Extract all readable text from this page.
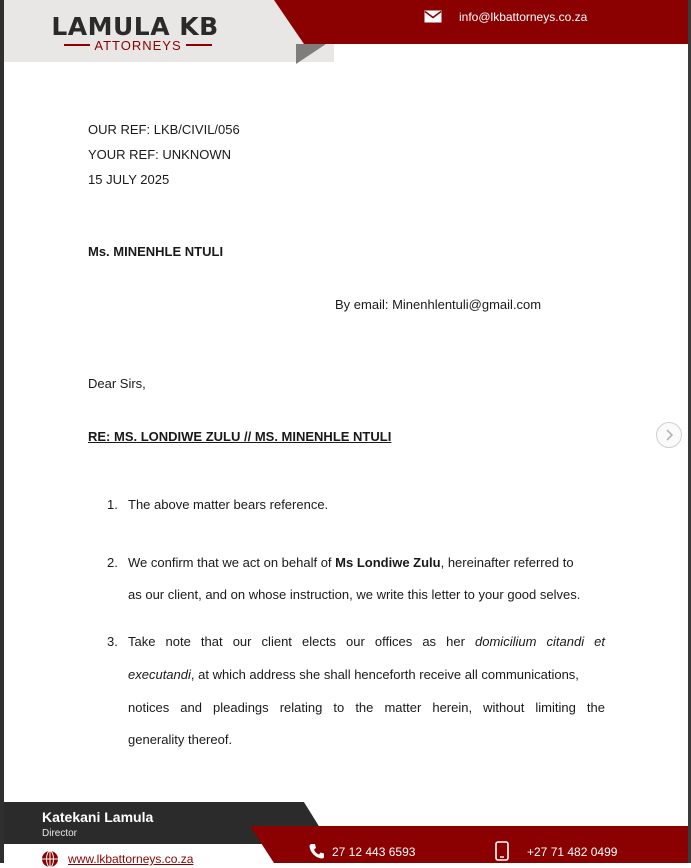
LAMULA KB
ATTORNEYS
info@lkbattorneys.co.za
OUR REF: LKB/CIVIL/056
YOUR REF: UNKNOWN
15 JULY 2025
Ms. MINENHLE NTULI
By email: Minenhlentuli@gmail.com
Dear Sirs,
RE: MS. LONDIWE ZULU // MS. MINENHLE NTULI
1. The above matter bears reference.
2. We confirm that we act on behalf of Ms Londiwe Zulu, hereinafter referred to
as our client, and on whose instruction, we write this letter to your good selves.
3. Take note that our client elects our offices as her domicilium citandi et
executandi, at which address she shall henceforth receive all communications,
notices and pleadings relating to the matter herein, without limiting the
generality thereof.
Katekani Lamula
Director
www.lkbattorneys.co.za	27 12 443 6593	+27 71 482 0499
